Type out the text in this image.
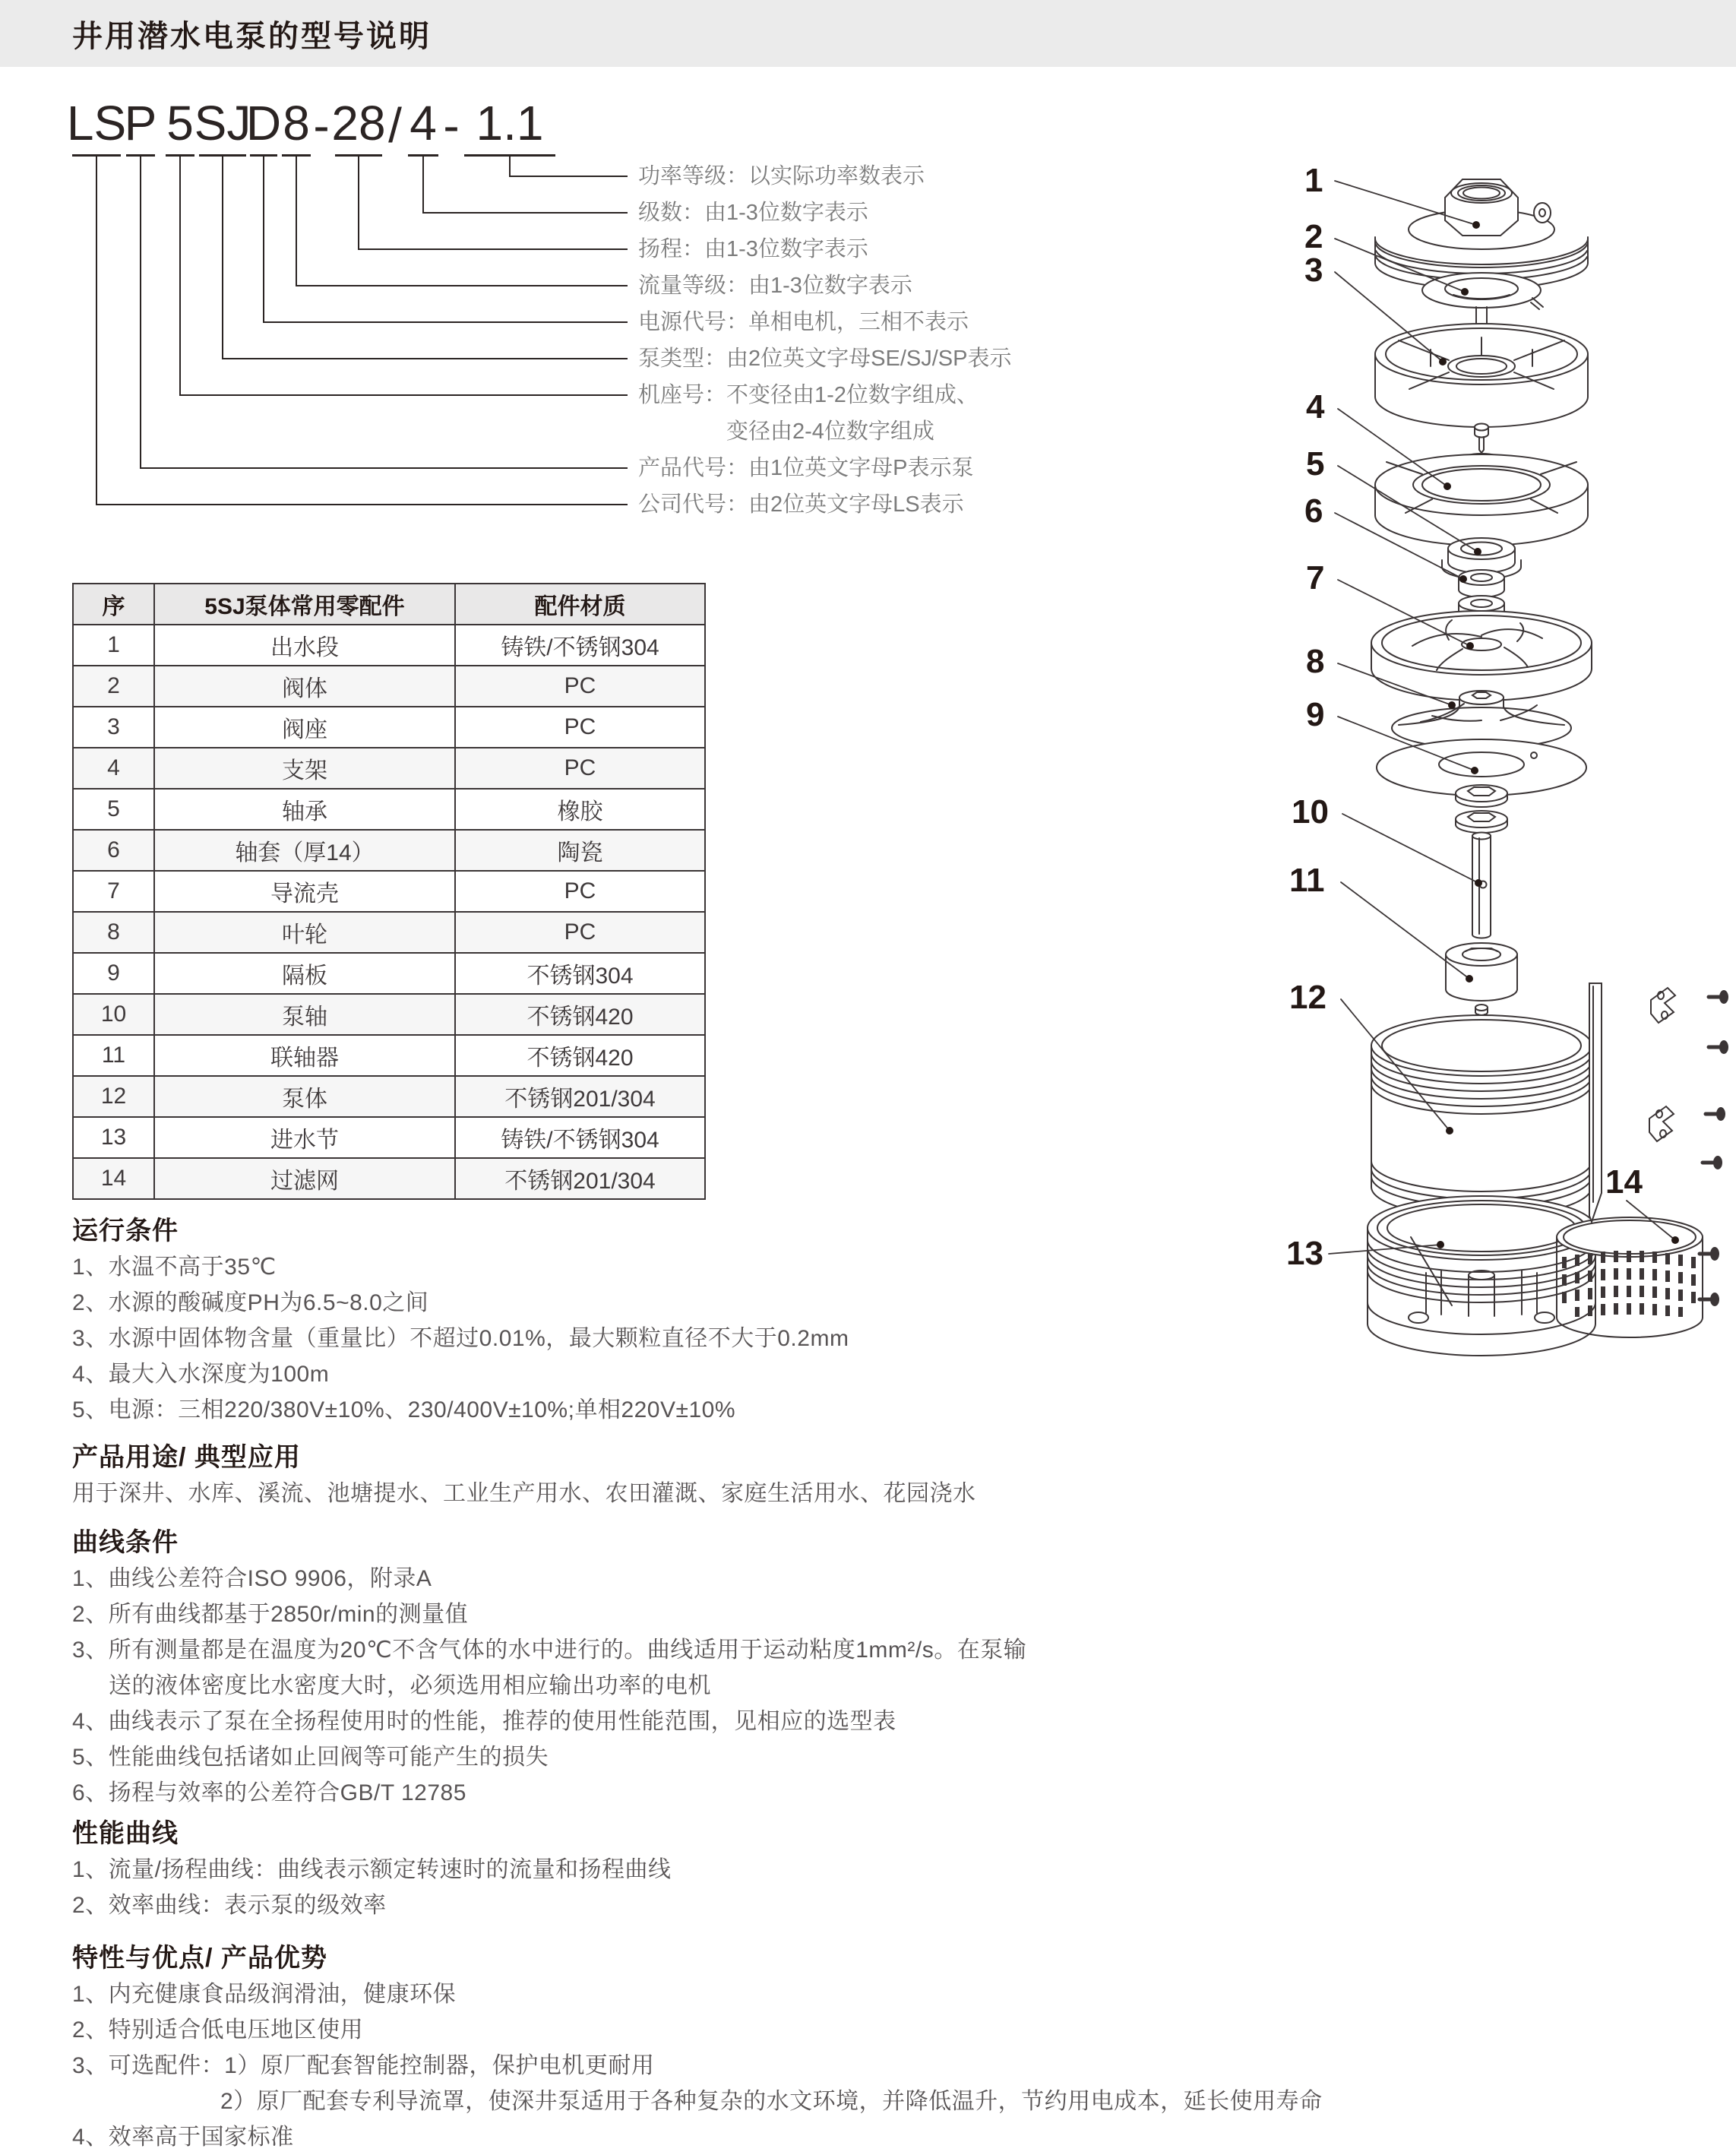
井用潜水电泵的型号说明
LS
P 5 SJ
D 8 - 28 / 4 - 1.1
功率等级：以实际功率数表示
级数：由1-3位数字表示
扬程：由1-3位数字表示
流量等级：由1-3位数字表示
电源代号：单相电机，三相不表示
泵类型：由2位英文字母SE/SJ/SP表示
机座号：不变径由1-2位数字组成、
变径由2-4位数字组成
产品代号：由1位英文字母P表示泵
公司代号：由2位英文字母LS表示
序	5SJ泵体常用零配件	配件材质
1	出水段	铸铁/不锈钢304
2	阀体	PC
3	阀座	PC
4	支架	PC
5	轴承	橡胶
6	轴套（厚14）	陶瓷
7	导流壳	PC
8	叶轮	PC
9	隔板	不锈钢304
10	泵轴	不锈钢420
11	联轴器	不锈钢420
12	泵体	不锈钢201/304
13	进水节	铸铁/不锈钢304
14	过滤网	不锈钢201/304
运行条件
1、水温不高于35℃
2、水源的酸碱度PH为6.5~8.0之间
3、水源中固体物含量（重量比）不超过0.01%，最大颗粒直径不大于0.2mm
4、最大入水深度为100m
5、电源：三相220/380V±10%、230/400V±10%;单相220V±10%
产品用途/ 典型应用
用于深井、水库、溪流、池塘提水、工业生产用水、农田灌溉、家庭生活用水、花园浇水
曲线条件
1、曲线公差符合ISO 9906，附录A
2、所有曲线都基于2850r/min的测量值
3、所有测量都是在温度为20℃不含气体的水中进行的。曲线适用于运动粘度1mm²/s。在泵输
送的液体密度比水密度大时，必须选用相应输出功率的电机
4、曲线表示了泵在全扬程使用时的性能，推荐的使用性能范围，见相应的选型表
5、性能曲线包括诸如止回阀等可能产生的损失
6、扬程与效率的公差符合GB/T 12785
性能曲线
1、流量/扬程曲线：曲线表示额定转速时的流量和扬程曲线
2、效率曲线：表示泵的级效率
特性与优点/ 产品优势
1、内充健康食品级润滑油，健康环保
2、特别适合低电压地区使用
3、可选配件：1）原厂配套智能控制器，保护电机更耐用
2）原厂配套专利导流罩，使深井泵适用于各种复杂的水文环境，并降低温升，节约用电成本，延长使用寿命
4、效率高于国家标准
1
2
3
4
5
6
7
8
9
10
11
12
13
14
